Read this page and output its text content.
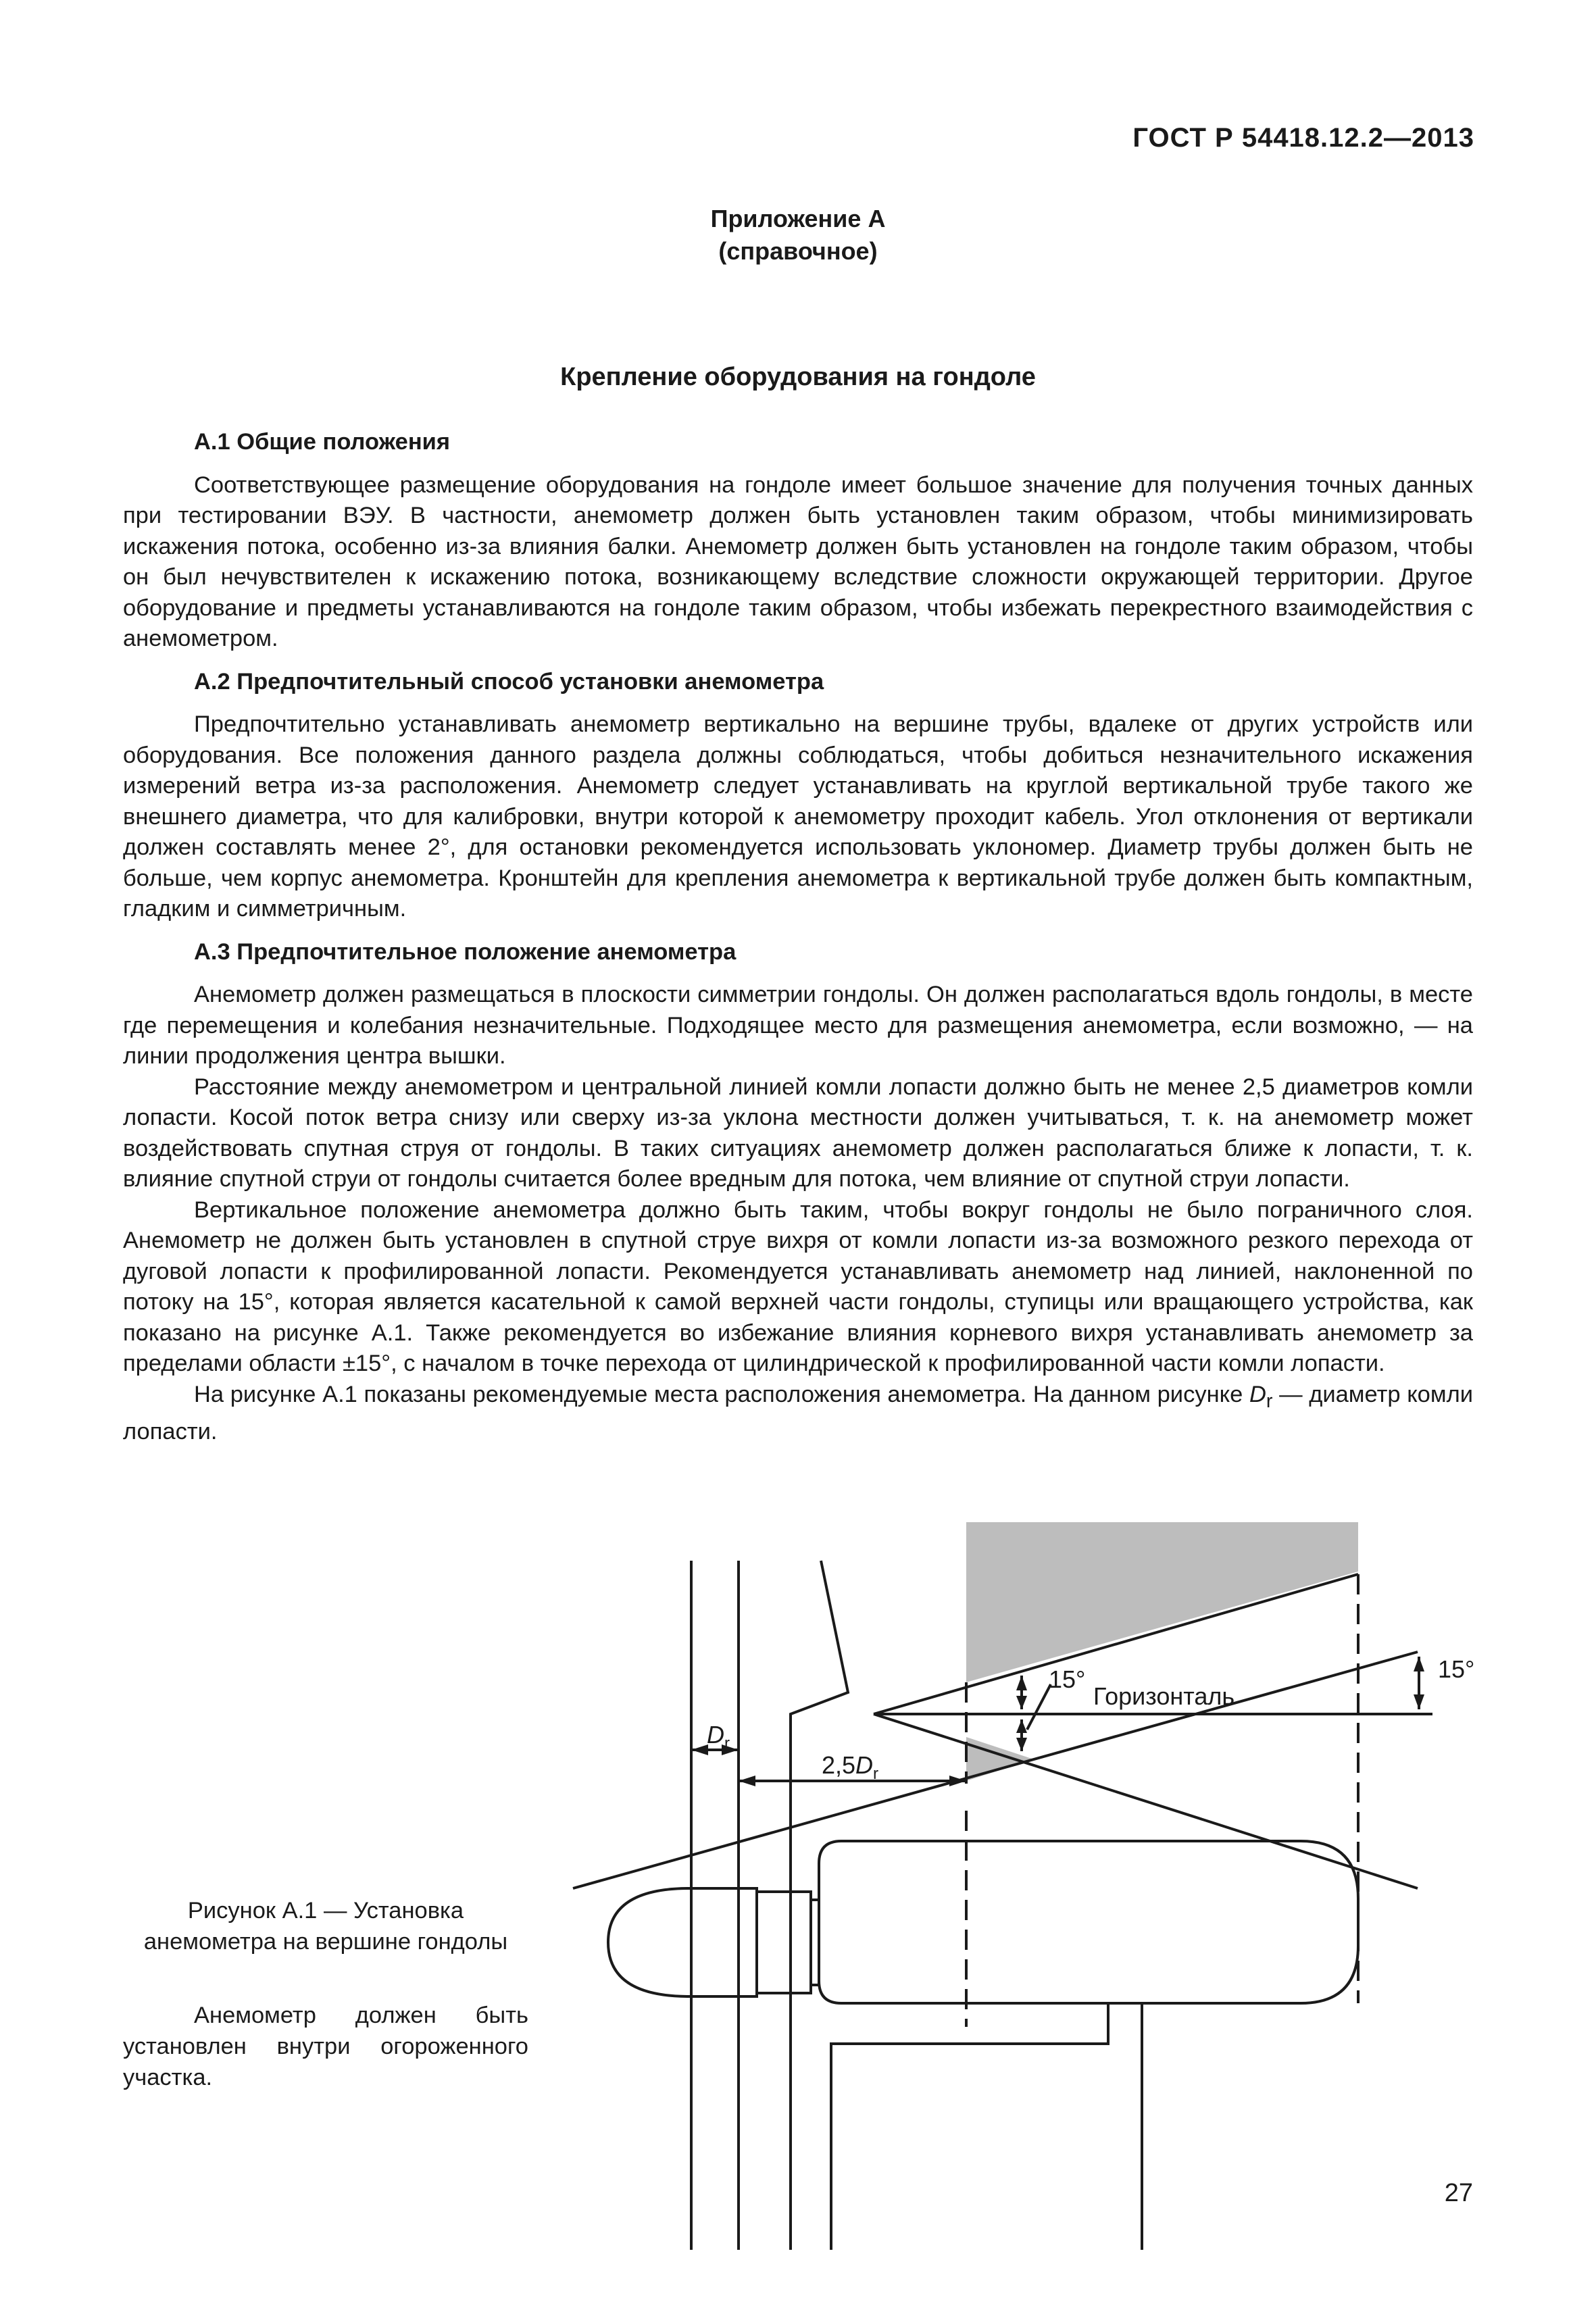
ГОСТ Р 54418.12.2—2013
Приложение А
(справочное)
Крепление оборудования на гондоле
А.1 Общие положения

Соответствующее размещение оборудования на гондоле имеет большое значение для получения точных данных при тестировании ВЭУ. В частности, анемометр должен быть установлен таким образом, чтобы минимизировать искажения потока, особенно из-за влияния балки. Анемометр должен быть установлен на гондоле таким образом, чтобы он был нечувствителен к искажению потока, возникающему вследствие сложности окружающей территории. Другое оборудование и предметы устанавливаются на гондоле таким образом, чтобы избежать перекрестного взаимодействия с анемометром.

А.2 Предпочтительный способ установки анемометра

Предпочтительно устанавливать анемометр вертикально на вершине трубы, вдалеке от других устройств или оборудования. Все положения данного раздела должны соблюдаться, чтобы добиться незначительного искажения измерений ветра из-за расположения. Анемометр следует устанавливать на круглой вертикальной трубе такого же внешнего диаметра, что для калибровки, внутри которой к анемометру проходит кабель. Угол отклонения от вертикали должен составлять менее 2°, для остановки рекомендуется использовать уклономер. Диаметр трубы должен быть не больше, чем корпус анемометра. Кронштейн для крепления анемометра к вертикальной трубе должен быть компактным, гладким и симметричным.

А.3 Предпочтительное положение анемометра

Анемометр должен размещаться в плоскости симметрии гондолы. Он должен располагаться вдоль гондолы, в месте где перемещения и колебания незначительные. Подходящее место для размещения анемометра, если возможно, — на линии продолжения центра вышки.

Расстояние между анемометром и центральной линией комли лопасти должно быть не менее 2,5 диаметров комли лопасти. Косой поток ветра снизу или сверху из-за уклона местности должен учитываться, т. к. на анемометр может воздействовать спутная струя от гондолы. В таких ситуациях анемометр должен располагаться ближе к лопасти, т. к. влияние спутной струи от гондолы считается более вредным для потока, чем влияние от спутной струи лопасти.

Вертикальное положение анемометра должно быть таким, чтобы вокруг гондолы не было пограничного слоя. Анемометр не должен быть установлен в спутной струе вихря от комли лопасти из-за возможного резкого перехода от дуговой лопасти к профилированной лопасти. Рекомендуется устанавливать анемометр над линией, наклоненной по потоку на 15°, которая является касательной к самой верхней части гондолы, ступицы или вращающего устройства, как показано на рисунке А.1. Также рекомендуется во избежание влияния корневого вихря устанавливать анемометр за пределами области ±15°, с началом в точке перехода от цилиндрической к профилированной части комли лопасти.

На рисунке А.1 показаны рекомендуемые места расположения анемометра. На данном рисунке $D_r$ — диаметр комли лопасти.

$D_r$
$2,5D_r$
15°
Горизонталь
15°
Рисунок А.1 — Установка анемометра на вершине гондолы
Анемометр должен быть установлен внутри огороженного участка.
27
